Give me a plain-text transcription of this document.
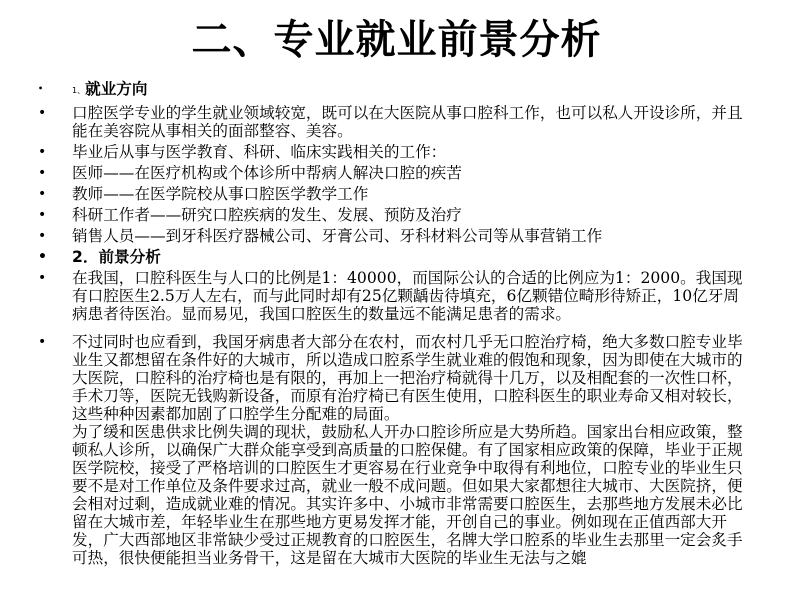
二、专业就业前景分析
•	1、就业方向
•	口腔医学专业的学生就业领域较宽，既可以在大医院从事口腔科工作，也可以私人开设诊所，并且能在美容院从事相关的面部整容、美容。
•	毕业后从事与医学教育、科研、临床实践相关的工作：
•	医师——在医疗机构或个体诊所中帮病人解决口腔的疾苦
•	教师——在医学院校从事口腔医学教学工作
•	科研工作者——研究口腔疾病的发生、发展、预防及治疗
•	销售人员——到牙科医疗器械公司、牙膏公司、牙科材料公司等从事营销工作
•	2．前景分析
•	在我国，口腔科医生与人口的比例是1：40000，而国际公认的合适的比例应为1：2000。我国现有口腔医生2.5万人左右，而与此同时却有25亿颗龋齿待填充，6亿颗错位畸形待矫正，10亿牙周病患者待医治。显而易见，我国口腔医生的数量远不能满足患者的需求。
•	不过同时也应看到，我国牙病患者大部分在农村，而农村几乎无口腔治疗椅，绝大多数口腔专业毕业生又都想留在条件好的大城市，所以造成口腔系学生就业难的假饱和现象，因为即使在大城市的大医院，口腔科的治疗椅也是有限的，再加上一把治疗椅就得十几万，以及相配套的一次性口杯，手术刀等，医院无钱购新设备，而原有治疗椅已有医生使用，口腔科医生的职业寿命又相对较长，这些种种因素都加剧了口腔学生分配难的局面。
为了缓和医患供求比例失调的现状，鼓励私人开办口腔诊所应是大势所趋。国家出台相应政策，整顿私人诊所，以确保广大群众能享受到高质量的口腔保健。有了国家相应政策的保障，毕业于正规医学院校，接受了严格培训的口腔医生才更容易在行业竞争中取得有利地位，口腔专业的毕业生只要不是对工作单位及条件要求过高，就业一般不成问题。但如果大家都想往大城市、大医院挤，便会相对过剩，造成就业难的情况。其实许多中、小城市非常需要口腔医生，去那些地方发展未必比留在大城市差，年轻毕业生在那些地方更易发挥才能，开创自己的事业。例如现在正值西部大开发，广大西部地区非常缺少受过正规教育的口腔医生，名牌大学口腔系的毕业生去那里一定会炙手可热，很快便能担当业务骨干，这是留在大城市大医院的毕业生无法与之媲
